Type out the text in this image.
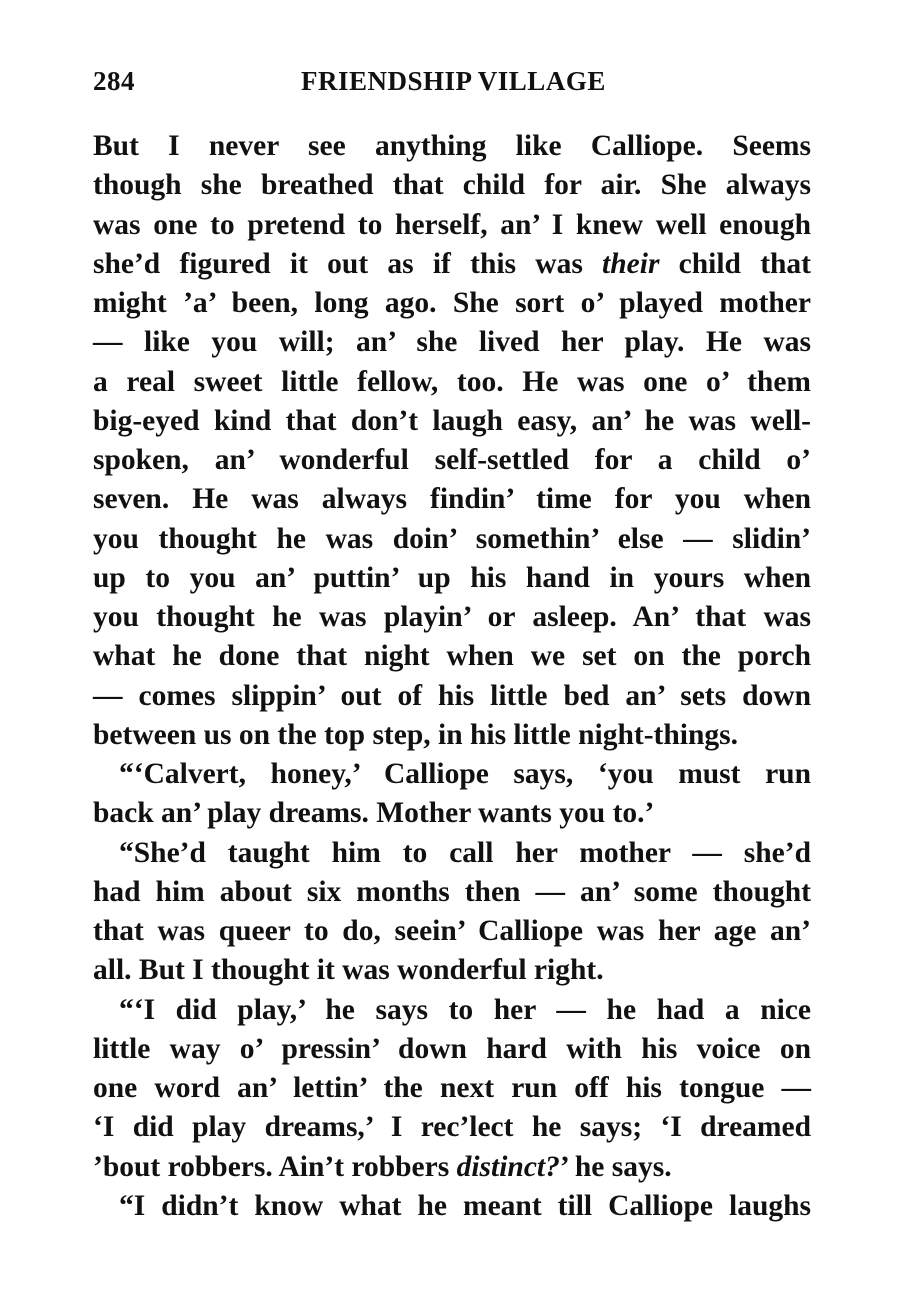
284	FRIENDSHIP VILLAGE
But I never see anything like Calliope. Seems
though she breathed that child for air. She always
was one to pretend to herself, an’ I knew well enough
she’d figured it out as if this was their child that
might ’a’ been, long ago. She sort o’ played mother
— like you will; an’ she lived her play. He was
a real sweet little fellow, too. He was one o’ them
big-eyed kind that don’t laugh easy, an’ he was well-
spoken, an’ wonderful self-settled for a child o’
seven. He was always findin’ time for you when
you thought he was doin’ somethin’ else — slidin’
up to you an’ puttin’ up his hand in yours when
you thought he was playin’ or asleep. An’ that was
what he done that night when we set on the porch
— comes slippin’ out of his little bed an’ sets down
between us on the top step, in his little night-things.
“‘Calvert, honey,’ Calliope says, ‘you must run
back an’ play dreams. Mother wants you to.’
“She’d taught him to call her mother — she’d
had him about six months then — an’ some thought
that was queer to do, seein’ Calliope was her age an’
all. But I thought it was wonderful right.
“‘I did play,’ he says to her — he had a nice
little way o’ pressin’ down hard with his voice on
one word an’ lettin’ the next run off his tongue —
‘I did play dreams,’ I rec’lect he says; ‘I dreamed
’bout robbers. Ain’t robbers distinct?’ he says.
“I didn’t know what he meant till Calliope laughs
